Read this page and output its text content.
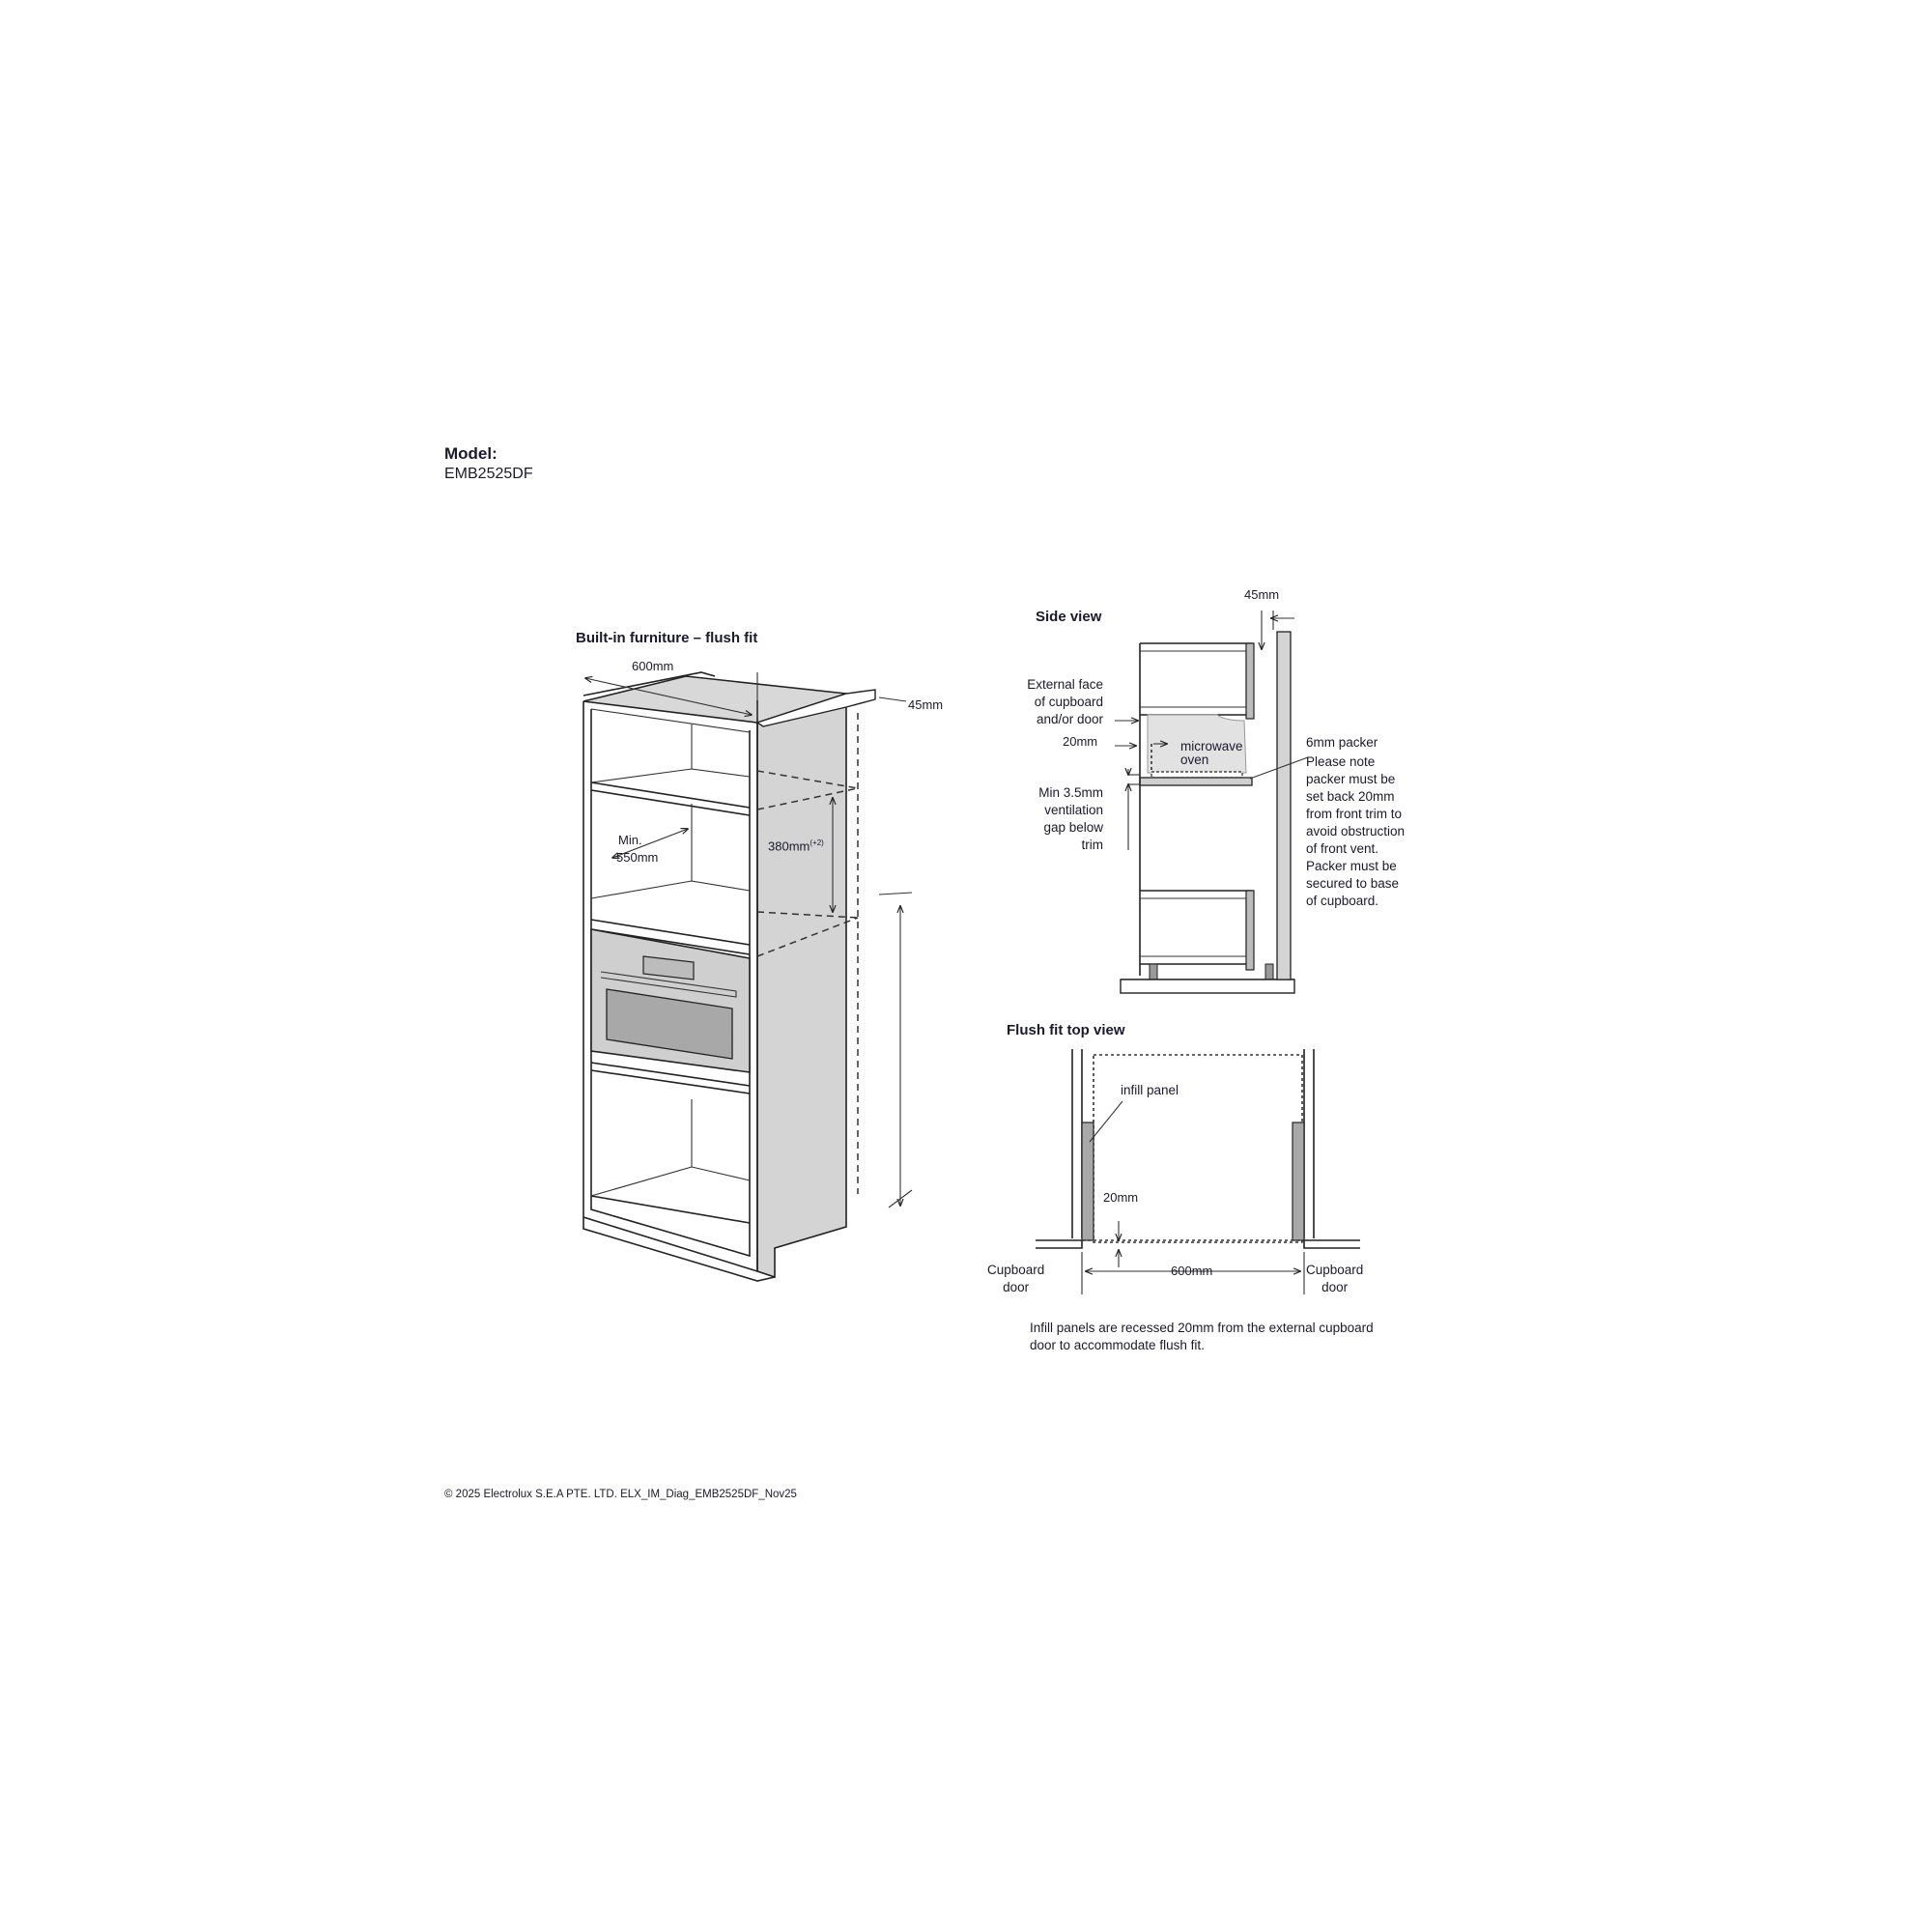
Model:
EMB2525DF
Built-in furniture – flush fit
600mm
45mm
Min.
550mm
$380mm^{(+2)}$
Side view
45mm
External face
of cupboard
and/or door
20mm	microwave
oven
Min 3.5mm
ventilation
gap below
trim
6mm packer
Please note
packer must be
set back 20mm
from front trim to
avoid obstruction
of front vent.
Packer must be
secured to base
of cupboard.
Flush fit top view
infill panel
20mm
600mm
Cupboard
door
Cupboard
door
Infill panels are recessed 20mm from the external cupboard
door to accommodate flush fit.
© 2025 Electrolux S.E.A PTE. LTD. ELX_IM_Diag_EMB2525DF_Nov25
